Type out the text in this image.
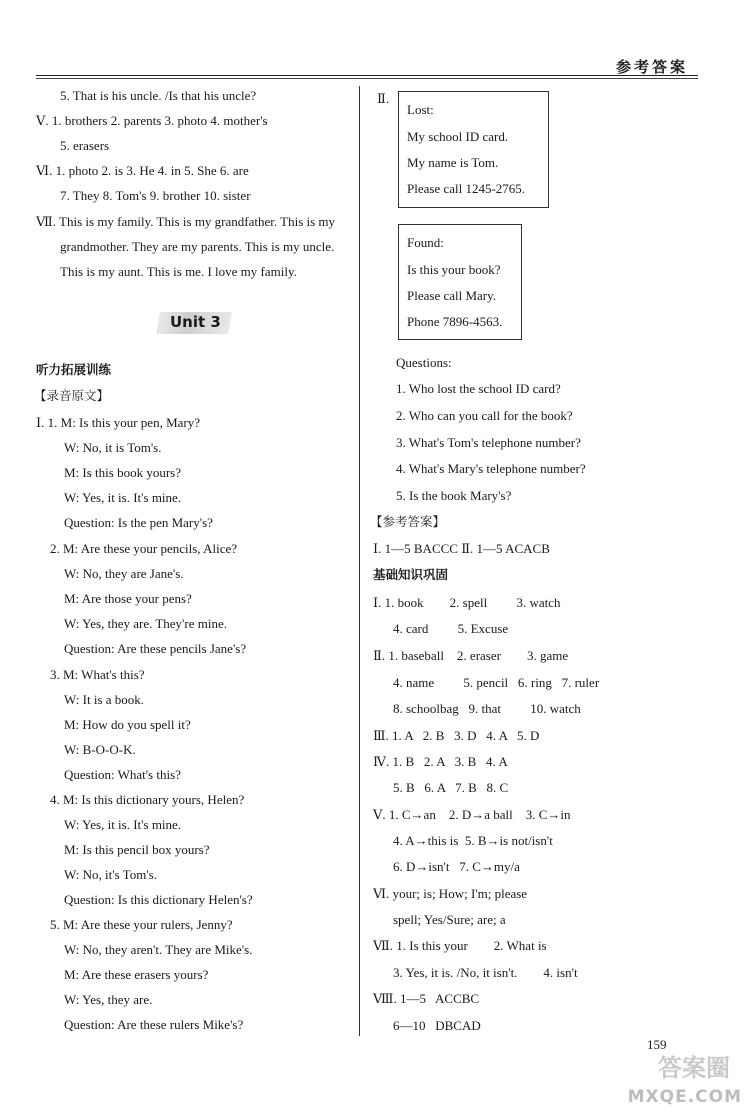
参考答案
5. That is his uncle. /Is that his uncle?
Ⅴ. 1. brothers 2. parents 3. photo 4. mother's
5. erasers
Ⅵ. 1. photo 2. is 3. He 4. in 5. She 6. are
7. They 8. Tom's 9. brother 10. sister
Ⅶ. This is my family. This is my grandfather. This is my
grandmother. They are my parents. This is my uncle.
This is my aunt. This is me. I love my family.
Unit 3
听力拓展训练
【录音原文】
Ⅰ. 1. M: Is this your pen, Mary?
W: No, it is Tom's.
M: Is this book yours?
W: Yes, it is. It's mine.
Question: Is the pen Mary's?
2. M: Are these your pencils, Alice?
W: No, they are Jane's.
M: Are those your pens?
W: Yes, they are. They're mine.
Question: Are these pencils Jane's?
3. M: What's this?
W: It is a book.
M: How do you spell it?
W: B-O-O-K.
Question: What's this?
4. M: Is this dictionary yours, Helen?
W: Yes, it is. It's mine.
M: Is this pencil box yours?
W: No, it's Tom's.
Question: Is this dictionary Helen's?
5. M: Are these your rulers, Jenny?
W: No, they aren't. They are Mike's.
M: Are these erasers yours?
W: Yes, they are.
Question: Are these rulers Mike's?
Ⅱ.
Lost:
My school ID card.
My name is Tom.
Please call 1245-2765.
Found:
Is this your book?
Please call Mary.
Phone 7896-4563.
Questions:
1. Who lost the school ID card?
2. Who can you call for the book?
3. What's Tom's telephone number?
4. What's Mary's telephone number?
5. Is the book Mary's?
【参考答案】
Ⅰ. 1—5 BACCC Ⅱ. 1—5 ACACB
基础知识巩固
Ⅰ. 1. book        2. spell         3. watch
4. card         5. Excuse
Ⅱ. 1. baseball    2. eraser        3. game
4. name         5. pencil   6. ring   7. ruler
8. schoolbag   9. that         10. watch
Ⅲ. 1. A   2. B   3. D   4. A   5. D
Ⅳ. 1. B   2. A   3. B   4. A
5. B   6. A   7. B   8. C
Ⅴ. 1. C→an    2. D→a ball    3. C→in
4. A→this is  5. B→is not/isn't
6. D→isn't   7. C→my/a
Ⅵ. your; is; How; I'm; please
spell; Yes/Sure; are; a
Ⅶ. 1. Is this your        2. What is
3. Yes, it is. /No, it isn't.        4. isn't
Ⅷ. 1—5   ACCBC
6—10   DBCAD
159
答案圈
MXQE.COM
